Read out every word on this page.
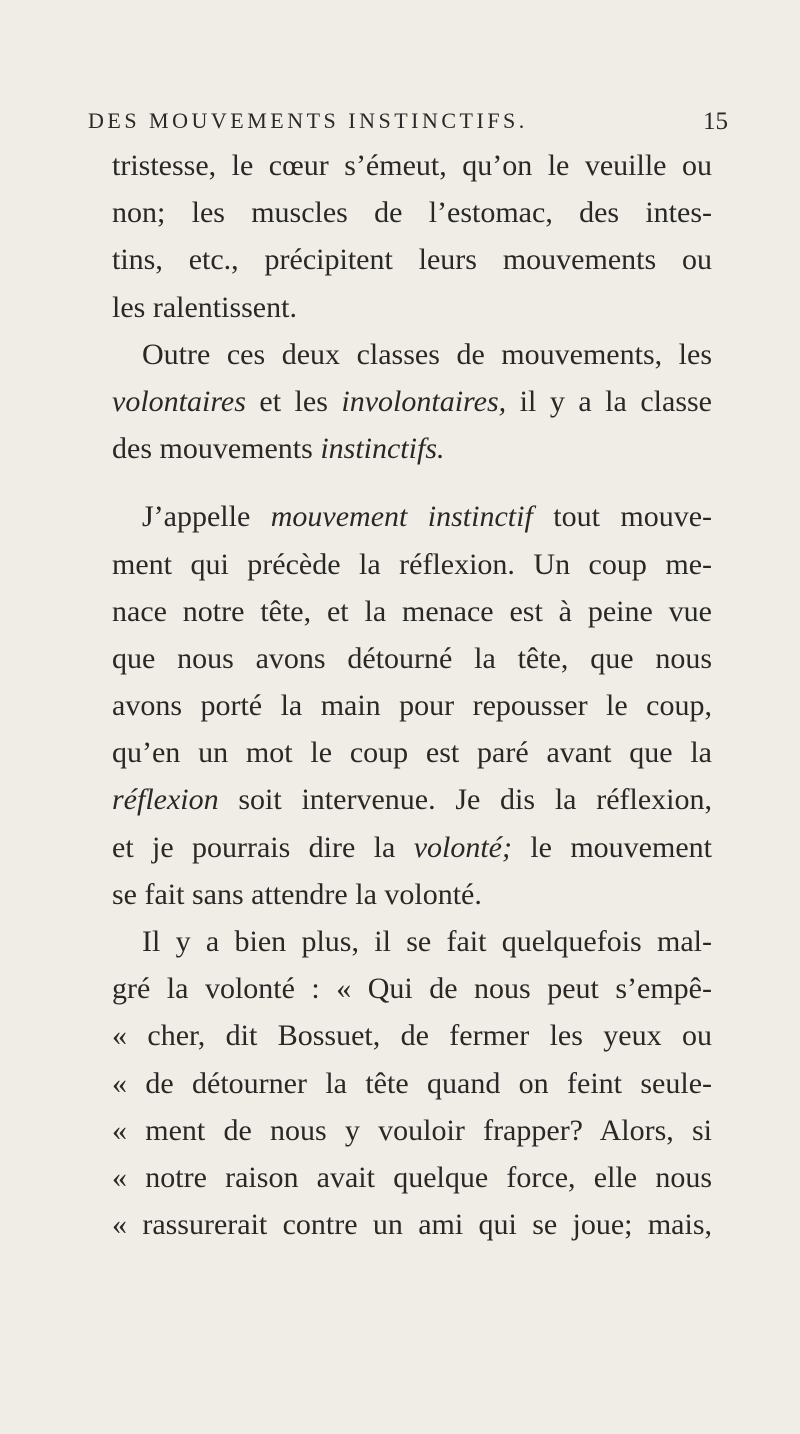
DES MOUVEMENTS INSTINCTIFS.	15
tristesse, le cœur s’émeut, qu’on le veuille ou
non; les muscles de l’estomac, des intes-
tins, etc., précipitent leurs mouvements ou
les ralentissent.
Outre ces deux classes de mouvements, les
volontaires et les involontaires, il y a la classe
des mouvements instinctifs.
J’appelle mouvement instinctif tout mouve-
ment qui précède la réflexion. Un coup me-
nace notre tête, et la menace est à peine vue
que nous avons détourné la tête, que nous
avons porté la main pour repousser le coup,
qu’en un mot le coup est paré avant que la
réflexion soit intervenue. Je dis la réflexion,
et je pourrais dire la volonté; le mouvement
se fait sans attendre la volonté.
Il y a bien plus, il se fait quelquefois mal-
gré la volonté : « Qui de nous peut s’empê-
« cher, dit Bossuet, de fermer les yeux ou
« de détourner la tête quand on feint seule-
« ment de nous y vouloir frapper? Alors, si
« notre raison avait quelque force, elle nous
« rassurerait contre un ami qui se joue; mais,
